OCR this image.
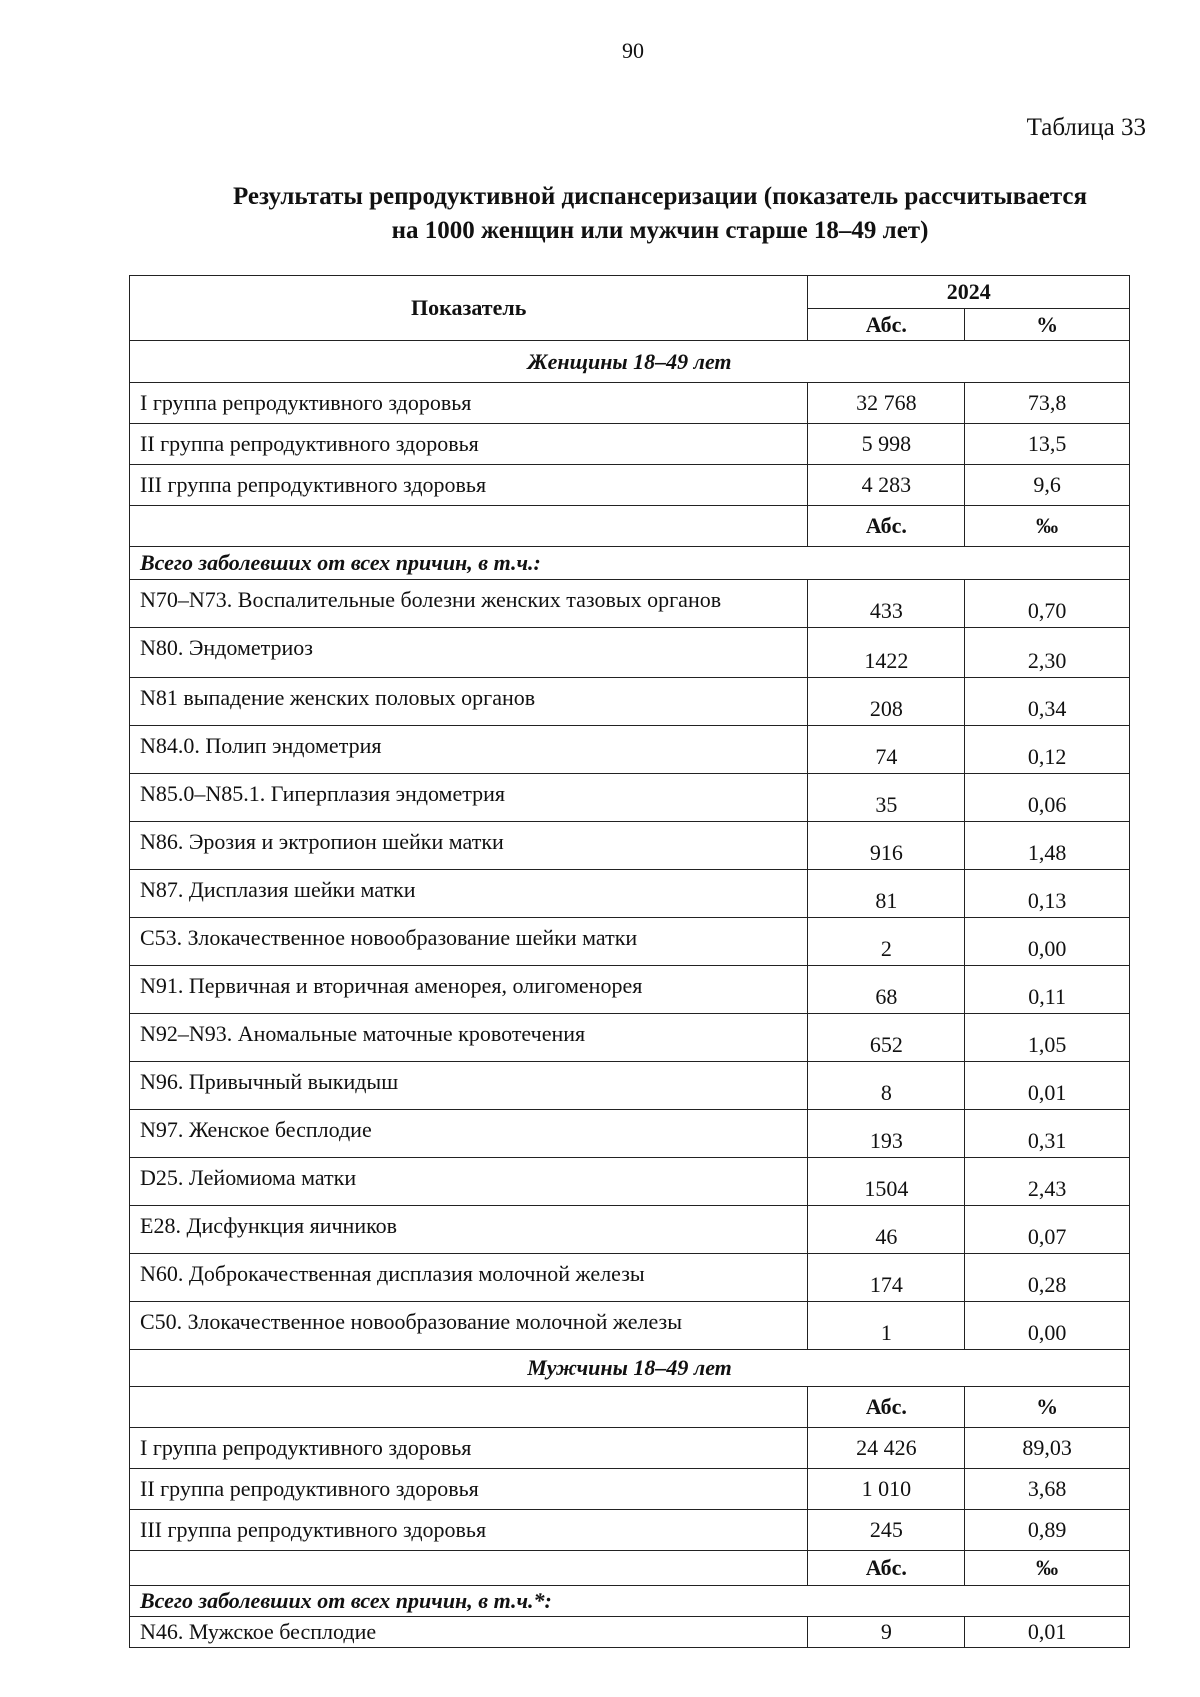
90
Таблица 33
Результаты репродуктивной диспансеризации (показатель рассчитывается
на 1000 женщин или мужчин старше 18–49 лет)
Показатель	2024	
	Абс.	%
Женщины 18–49 лет		
I группа репродуктивного здоровья	32 768	73,8
II группа репродуктивного здоровья	5 998	13,5
III группа репродуктивного здоровья	4 283	9,6
	Абс.	‰
Всего заболевших от всех причин, в т.ч.:		
N70–N73. Воспалительные болезни женских тазовых органов	433	0,70
N80. Эндометриоз	1422	2,30
N81 выпадение женских половых органов	208	0,34
N84.0. Полип эндометрия	74	0,12
N85.0–N85.1. Гиперплазия эндометрия	35	0,06
N86. Эрозия и эктропион шейки матки	916	1,48
N87. Дисплазия шейки матки	81	0,13
C53. Злокачественное новообразование шейки матки	2	0,00
N91. Первичная и вторичная аменорея, олигоменорея	68	0,11
N92–N93. Аномальные маточные кровотечения	652	1,05
N96. Привычный выкидыш	8	0,01
N97. Женское бесплодие	193	0,31
D25. Лейомиома матки	1504	2,43
E28. Дисфункция яичников	46	0,07
N60. Доброкачественная дисплазия молочной железы	174	0,28
C50. Злокачественное новообразование молочной железы	1	0,00
Мужчины 18–49 лет		
	Абс.	%
I группа репродуктивного здоровья	24 426	89,03
II группа репродуктивного здоровья	1 010	3,68
III группа репродуктивного здоровья	245	0,89
	Абс.	‰
Всего заболевших от всех причин, в т.ч.*:		
N46. Мужское бесплодие	9	0,01
